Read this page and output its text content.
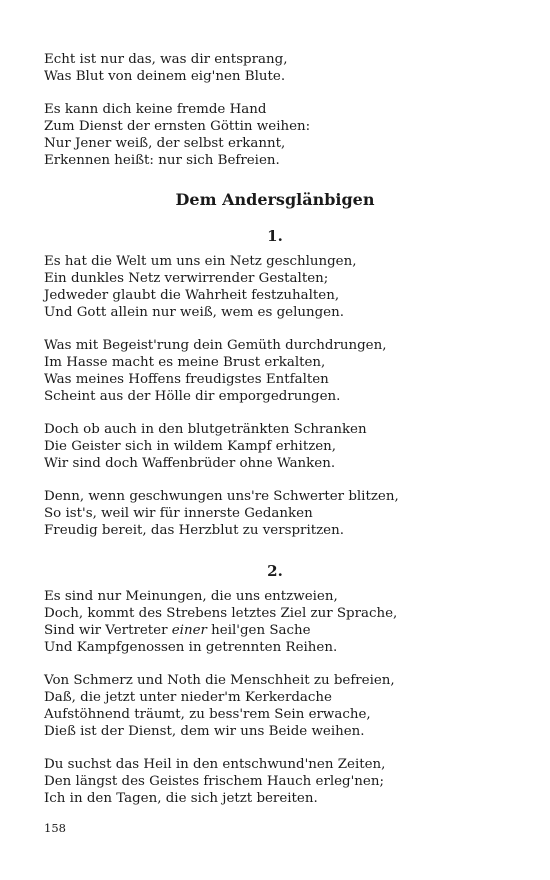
Echt ist nur das, was dir entsprang,
Was Blut von deinem eig'nen Blute.
Es kann dich keine fremde Hand
Zum Dienst der ernsten Göttin weihen:
Nur Jener weiß, der selbst erkannt,
Erkennen heißt: nur sich Befreien.
Dem Andersglänbigen
1.
Es hat die Welt um uns ein Netz geschlungen,
Ein dunkles Netz verwirrender Gestalten;
Jedweder glaubt die Wahrheit festzuhalten,
Und Gott allein nur weiß, wem es gelungen.
Was mit Begeist'rung dein Gemüth durchdrungen,
Im Hasse macht es meine Brust erkalten,
Was meines Hoffens freudigstes Entfalten
Scheint aus der Hölle dir emporgedrungen.
Doch ob auch in den blutgetränkten Schranken
Die Geister sich in wildem Kampf erhitzen,
Wir sind doch Waffenbrüder ohne Wanken.
Denn, wenn geschwungen uns're Schwerter blitzen,
So ist's, weil wir für innerste Gedanken
Freudig bereit, das Herzblut zu verspritzen.
2.
Es sind nur Meinungen, die uns entzweien,
Doch, kommt des Strebens letztes Ziel zur Sprache,
Sind wir Vertreter einer heil'gen Sache
Und Kampfgenossen in getrennten Reihen.
Von Schmerz und Noth die Menschheit zu befreien,
Daß, die jetzt unter nieder'm Kerkerdache
Aufstöhnend träumt, zu bess'rem Sein erwache,
Dieß ist der Dienst, dem wir uns Beide weihen.
Du suchst das Heil in den entschwund'nen Zeiten,
Den längst des Geistes frischem Hauch erleg'nen;
Ich in den Tagen, die sich jetzt bereiten.
158
